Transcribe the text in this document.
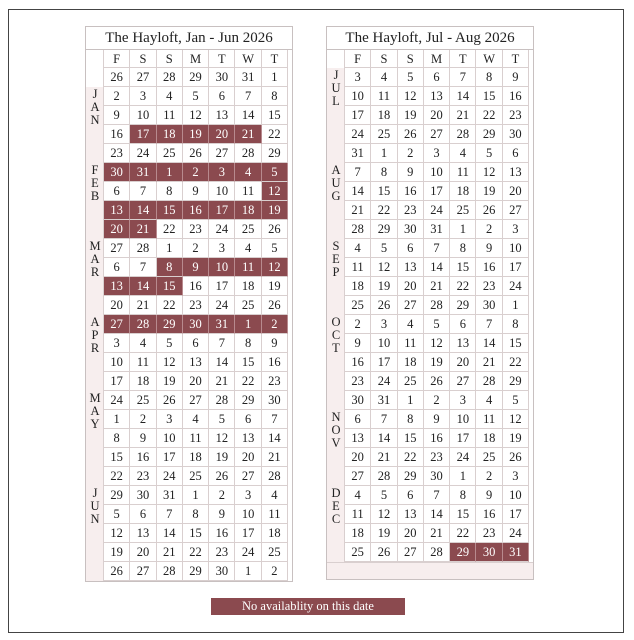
The Hayloft, Jan - Jun 2026
F	S	S	M	T	W	T
26	27	28	29	30	31	1
2	3	4	5	6	7	8
9	10	11	12	13	14	15
16	17	18	19	20	21	22
23	24	25	26	27	28	29
30	31	1	2	3	4	5
6	7	8	9	10	11	12
13	14	15	16	17	18	19
20	21	22	23	24	25	26
27	28	1	2	3	4	5
6	7	8	9	10	11	12
13	14	15	16	17	18	19
20	21	22	23	24	25	26
27	28	29	30	31	1	2
3	4	5	6	7	8	9
10	11	12	13	14	15	16
17	18	19	20	21	22	23
24	25	26	27	28	29	30
1	2	3	4	5	6	7
8	9	10	11	12	13	14
15	16	17	18	19	20	21
22	23	24	25	26	27	28
29	30	31	1	2	3	4
5	6	7	8	9	10	11
12	13	14	15	16	17	18
19	20	21	22	23	24	25
26	27	28	29	30	1	2
J
A
N
F
E
B
M
A
R
A
P
R
M
A
Y
J
U
N
The Hayloft, Jul - Aug 2026
F	S	S	M	T	W	T
3	4	5	6	7	8	9
10	11	12	13	14	15	16
17	18	19	20	21	22	23
24	25	26	27	28	29	30
31	1	2	3	4	5	6
7	8	9	10	11	12	13
14	15	16	17	18	19	20
21	22	23	24	25	26	27
28	29	30	31	1	2	3
4	5	6	7	8	9	10
11	12	13	14	15	16	17
18	19	20	21	22	23	24
25	26	27	28	29	30	1
2	3	4	5	6	7	8
9	10	11	12	13	14	15
16	17	18	19	20	21	22
23	24	25	26	27	28	29
30	31	1	2	3	4	5
6	7	8	9	10	11	12
13	14	15	16	17	18	19
20	21	22	23	24	25	26
27	28	29	30	1	2	3
4	5	6	7	8	9	10
11	12	13	14	15	16	17
18	19	20	21	22	23	24
25	26	27	28	29	30	31
J
U
L
A
U
G
S
E
P
O
C
T
N
O
V
D
E
C
No availablity on this date
